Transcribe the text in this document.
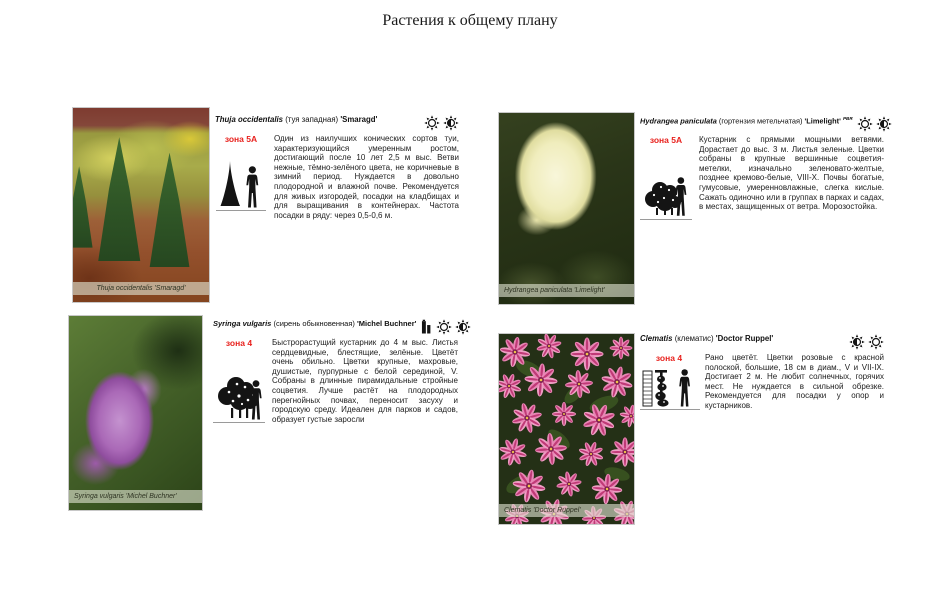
Растения к общему плану
Thuja occidentalis 'Smaragd'
Thuja occidentalis (туя западная) 'Smaragd'
зона 5A	Один из наилучших конических сортов туи, характеризующийся умеренным ростом, достигающий после 10 лет 2,5 м выс. Ветви нежные, тёмно-зелёного цвета, не коричневые в зимний период. Нуждается в довольно плодородной и влажной почве. Рекомендуется для живых изгородей, посадки на кладбищах и для выращивания в контейнерах. Частота посадки в ряду: через 0,5-0,6 м.
Hydrangea paniculata 'Limelight'
Hydrangea paniculata (гортензия метельчатая) 'Limelight' $^{PBR}$
зона 5A	Кустарник с прямыми мощными ветвями. Дорастает до выс. 3 м. Листья зеленые. Цветки собраны в крупные вершинные соцветия-метелки, изначально зеленовато-желтые, позднее кремово-белые, VIII-X. Почвы богатые, гумусовые, умеренновлажные, слегка кислые. Сажать одиночно или в группах в парках и садах, в местах, защищенных от ветра. Морозостойка.
Syringa vulgaris 'Michel Buchner'
Syringa vulgaris (сирень обыкновенная) 'Michel Buchner'
зона 4	Быстрорастущий кустарник до 4 м выс. Листья сердцевидные, блестящие, зелёные. Цветёт очень обильно. Цветки крупные, махровые, душистые, пурпурные с белой серединой, V. Собраны в длинные пирамидальные стройные соцветия. Лучше растёт на плодородных перегнойных почвах, переносит засуху и городскую среду. Идеален для парков и садов, образует густые заросли
Clematis 'Doctor Ruppel'
Clematis (клематис) 'Doctor Ruppel'
зона 4	Рано цветёт. Цветки розовые с красной полоской, большие, 18 см в диам., V и VII-IX. Достигает 2 м. Не любит солнечных, горячих мест. Не нуждается в сильной обрезке. Рекомендуется для посадки у опор и кустарников.
